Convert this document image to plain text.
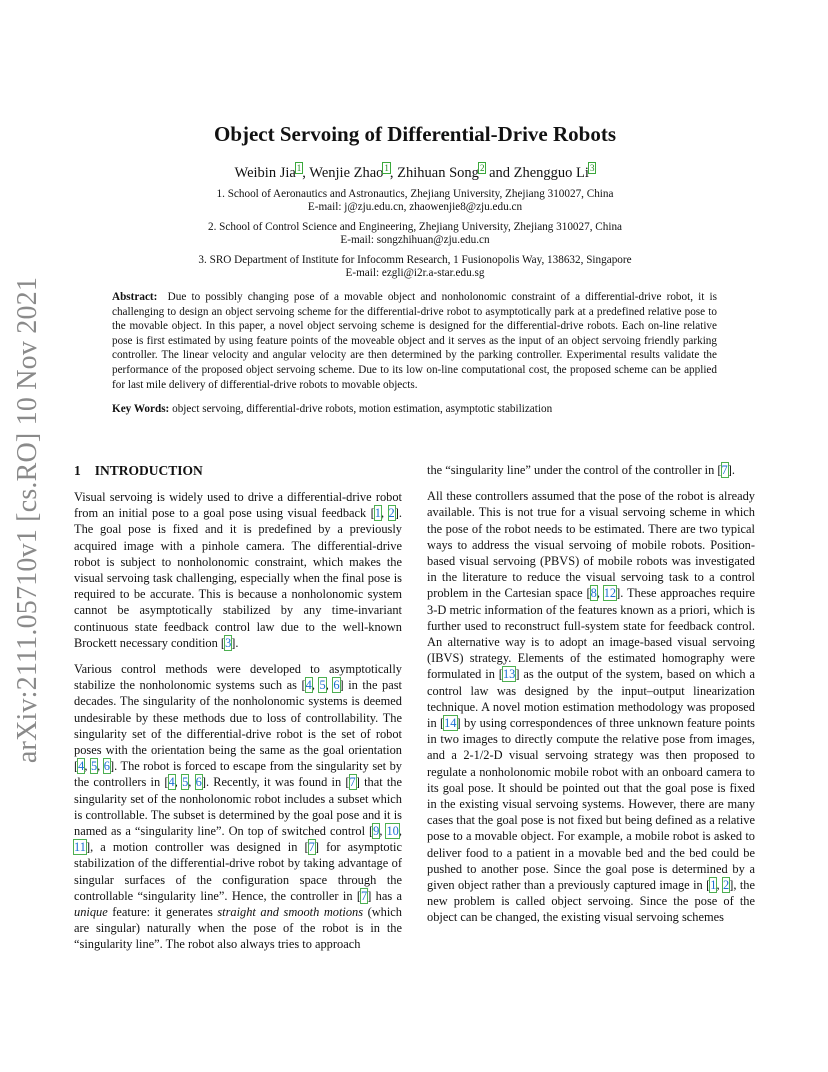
arXiv:2111.05710v1 [cs.RO] 10 Nov 2021
Object Servoing of Differential-Drive Robots
Weibin Jia$^1$, Wenjie Zhao$^1$, Zhihuan Song$^2$ and Zhengguo Li$^3$
1. School of Aeronautics and Astronautics, Zhejiang University, Zhejiang 310027, China
E-mail: j@zju.edu.cn, zhaowenjie8@zju.edu.cn
2. School of Control Science and Engineering, Zhejiang University, Zhejiang 310027, China
E-mail: songzhihuan@zju.edu.cn
3. SRO Department of Institute for Infocomm Research, 1 Fusionopolis Way, 138632, Singapore
E-mail: ezgli@i2r.a-star.edu.sg
Abstract: Due to possibly changing pose of a movable object and nonholonomic constraint of a differential-drive robot, it is challenging to design an object servoing scheme for the differential-drive robot to asymptotically park at a predefined relative pose to the movable object. In this paper, a novel object servoing scheme is designed for the differential-drive robots. Each on-line relative pose is first estimated by using feature points of the moveable object and it serves as the input of an object servoing friendly parking controller. The linear velocity and angular velocity are then determined by the parking controller. Experimental results validate the performance of the proposed object servoing scheme. Due to its low on-line computational cost, the proposed scheme can be applied for last mile delivery of differential-drive robots to movable objects.
Key Words: object servoing, differential-drive robots, motion estimation, asymptotic stabilization
1 INTRODUCTION

Visual servoing is widely used to drive a differential-drive robot from an initial pose to a goal pose using visual feedback [1, 2]. The goal pose is fixed and it is predefined by a previously acquired image with a pinhole camera. The differential-drive robot is subject to nonholonomic constraint, which makes the visual servoing task challenging, especially when the final pose is required to be accurate. This is because a nonholonomic system cannot be asymptotically stabilized by any time-invariant continuous state feedback control law due to the well-known Brockett necessary condition [3].

Various control methods were developed to asymptotically stabilize the nonholonomic systems such as [4, 5, 6] in the past decades. The singularity of the nonholonomic systems is deemed undesirable by these methods due to loss of controllability. The singularity set of the differential-drive robot is the set of robot poses with the orientation being the same as the goal orientation [4, 5, 6]. The robot is forced to escape from the singularity set by the controllers in [4, 5, 6]. Recently, it was found in [7] that the singularity set of the nonholonomic robot includes a subset which is controllable. The subset is determined by the goal pose and it is named as a “singularity line”. On top of switched control [9, 10, 11], a motion controller was designed in [7] for asymptotic stabilization of the differential-drive robot by taking advantage of singular surfaces of the configuration space through the controllable “singularity line”. Hence, the controller in [7] has a unique feature: it generates straight and smooth motions (which are singular) naturally when the pose of the robot is in the “singularity line”. The robot also always tries to approach

the “singularity line” under the control of the controller in [7].

All these controllers assumed that the pose of the robot is already available. This is not true for a visual servoing scheme in which the pose of the robot needs to be estimated. There are two typical ways to address the visual servoing of mobile robots. Position-based visual servoing (PBVS) of mobile robots was investigated in the literature to reduce the visual servoing task to a control problem in the Cartesian space [8, 12]. These approaches require 3-D metric information of the features known as a priori, which is further used to reconstruct full-system state for feedback control. An alternative way is to adopt an image-based visual servoing (IBVS) strategy. Elements of the estimated homography were formulated in [13] as the output of the system, based on which a control law was designed by the input–output linearization technique. A novel motion estimation methodology was proposed in [14] by using correspondences of three unknown feature points in two images to directly compute the relative pose from images, and a 2-1/2-D visual servoing strategy was then proposed to regulate a nonholonomic mobile robot with an onboard camera to its goal pose. It should be pointed out that the goal pose is fixed in the existing visual servoing systems. However, there are many cases that the goal pose is not fixed but being defined as a relative pose to a movable object. For example, a mobile robot is asked to deliver food to a patient in a movable bed and the bed could be pushed to another pose. Since the goal pose is determined by a given object rather than a previously captured image in [1, 2], the new problem is called object servoing. Since the pose of the object can be changed, the existing visual servoing schemes
